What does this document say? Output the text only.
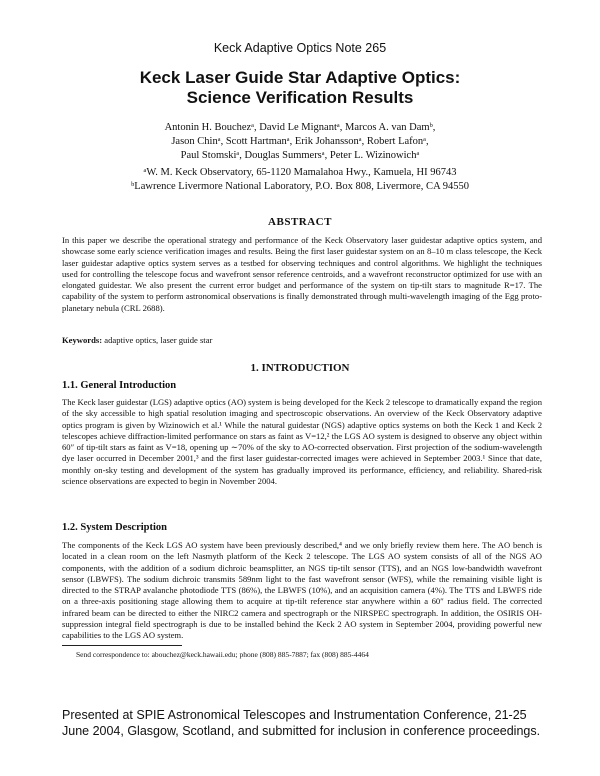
Keck Adaptive Optics Note 265
Keck Laser Guide Star Adaptive Optics:
Science Verification Results
Antonin H. Bouchezᵃ, David Le Mignantᵃ, Marcos A. van Damᵇ,
Jason Chinᵃ, Scott Hartmanᵃ, Erik Johanssonᵃ, Robert Lafonᵃ,
Paul Stomskiᵃ, Douglas Summersᵃ, Peter L. Wizinowichᵃ
ᵃW. M. Keck Observatory, 65-1120 Mamalahoa Hwy., Kamuela, HI 96743
ᵇLawrence Livermore National Laboratory, P.O. Box 808, Livermore, CA 94550
ABSTRACT

In this paper we describe the operational strategy and performance of the Keck Observatory laser guidestar adaptive optics system, and showcase some early science verification images and results. Being the first laser guidestar system on an 8–10 m class telescope, the Keck laser guidestar adaptive optics system serves as a testbed for observing techniques and control algorithms. We highlight the techniques used for controlling the telescope focus and wavefront sensor reference centroids, and a wavefront reconstructor optimized for use with an elongated guidestar. We also present the current error budget and performance of the system on tip-tilt stars to magnitude R=17. The capability of the system to perform astronomical observations is finally demonstrated through multi-wavelength imaging of the Egg proto-planetary nebula (CRL 2688).

Keywords: adaptive optics, laser guide star
1. INTRODUCTION
1.1. General Introduction

The Keck laser guidestar (LGS) adaptive optics (AO) system is being developed for the Keck 2 telescope to dramatically expand the region of the sky accessible to high spatial resolution imaging and spectroscopic observations. An overview of the Keck Observatory adaptive optics program is given by Wizinowich et al.¹ While the natural guidestar (NGS) adaptive optics systems on both the Keck 1 and Keck 2 telescopes achieve diffraction-limited performance on stars as faint as V=12,² the LGS AO system is designed to observe any object within 60″ of tip-tilt stars as faint as V=18, opening up ∼70% of the sky to AO-corrected observation. First projection of the sodium-wavelength dye laser occurred in December 2001,³ and the first laser guidestar-corrected images were achieved in September 2003.¹ Since that date, monthly on-sky testing and development of the system has gradually improved its performance, efficiency, and reliability. Shared-risk science observations are expected to begin in November 2004.

1.2. System Description

The components of the Keck LGS AO system have been previously described,⁴ and we only briefly review them here. The AO bench is located in a clean room on the left Nasmyth platform of the Keck 2 telescope. The LGS AO system consists of all of the NGS AO components, with the addition of a sodium dichroic beamsplitter, an NGS tip-tilt sensor (TTS), and an NGS low-bandwidth wavefront sensor (LBWFS). The sodium dichroic transmits 589nm light to the fast wavefront sensor (WFS), while the remaining visible light is directed to the STRAP avalanche photodiode TTS (86%), the LBWFS (10%), and an acquisition camera (4%). The TTS and LBWFS ride on a three-axis positioning stage allowing them to acquire at tip-tilt reference star anywhere within a 60″ radius field. The corrected infrared beam can be directed to either the NIRC2 camera and spectrograph or the NIRSPEC spectrograph. In addition, the OSIRIS OH-suppression integral field spectrograph is due to be installed behind the Keck 2 AO system in September 2004, providing powerful new capabilities to the LGS AO system.

Send correspondence to: abouchez@keck.hawaii.edu; phone (808) 885-7887; fax (808) 885-4464
Presented at SPIE Astronomical Telescopes and Instrumentation Conference, 21-25
June 2004, Glasgow, Scotland, and submitted for inclusion in conference proceedings.
